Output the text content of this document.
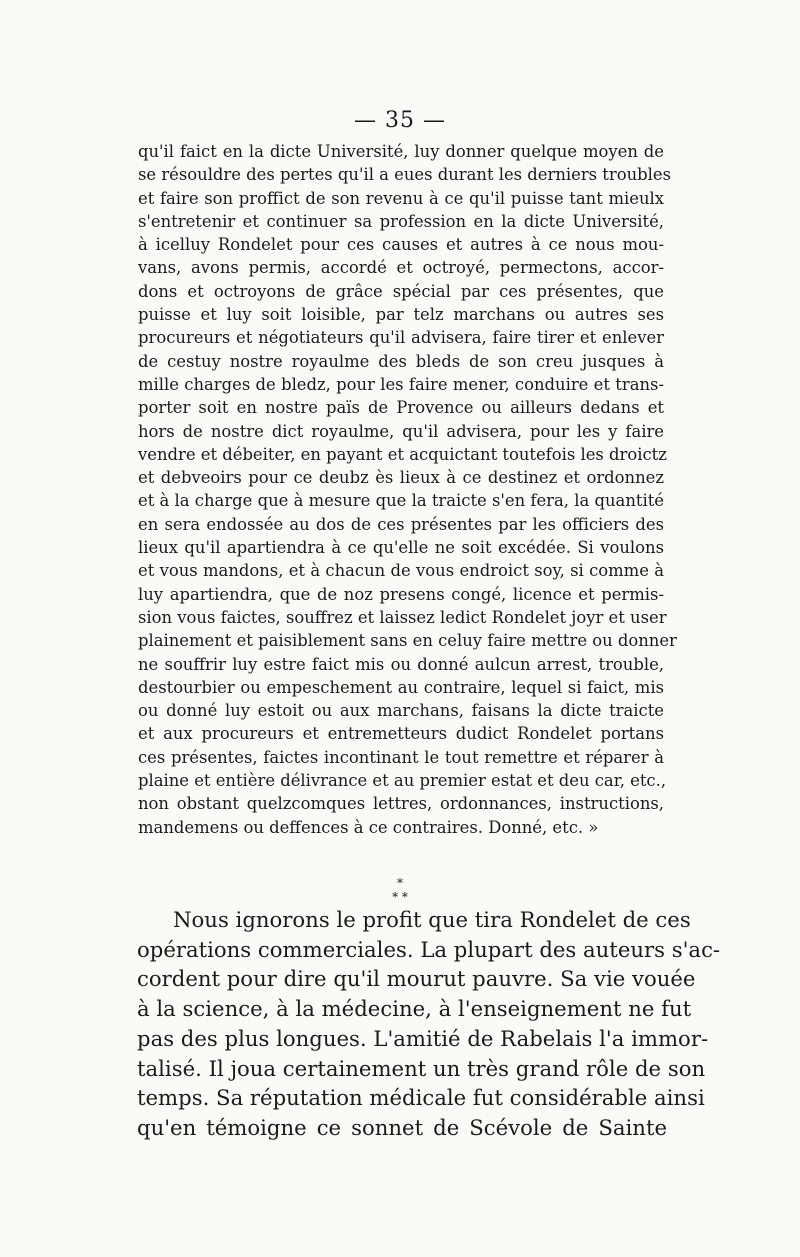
— 35 —
qu'il faict en la dicte Université, luy donner quelque moyen de
se résouldre des pertes qu'il a eues durant les derniers troubles
et faire son proffict de son revenu à ce qu'il puisse tant mieulx
s'entretenir et continuer sa profession en la dicte Université,
à icelluy Rondelet pour ces causes et autres à ce nous mou-
vans, avons permis, accordé et octroyé, permectons, accor-
dons et octroyons de grâce spécial par ces présentes, que
puisse et luy soit loisible, par telz marchans ou autres ses
procureurs et négotiateurs qu'il advisera, faire tirer et enlever
de cestuy nostre royaulme des bleds de son creu jusques à
mille charges de bledz, pour les faire mener, conduire et trans-
porter soit en nostre païs de Provence ou ailleurs dedans et
hors de nostre dict royaulme, qu'il advisera, pour les y faire
vendre et débeiter, en payant et acquictant toutefois les droictz
et debveoirs pour ce deubz ès lieux à ce destinez et ordonnez
et à la charge que à mesure que la traicte s'en fera, la quantité
en sera endossée au dos de ces présentes par les officiers des
lieux qu'il apartiendra à ce qu'elle ne soit excédée. Si voulons
et vous mandons, et à chacun de vous endroict soy, si comme à
luy apartiendra, que de noz presens congé, licence et permis-
sion vous faictes, souffrez et laissez ledict Rondelet joyr et user
plainement et paisiblement sans en celuy faire mettre ou donner
ne souffrir luy estre faict mis ou donné aulcun arrest, trouble,
destourbier ou empeschement au contraire, lequel si faict, mis
ou donné luy estoit ou aux marchans, faisans la dicte traicte
et aux procureurs et entremetteurs dudict Rondelet portans
ces présentes, faictes incontinant le tout remettre et réparer à
plaine et entière délivrance et au premier estat et deu car, etc.,
non obstant quelzcomques lettres, ordonnances, instructions,
mandemens ou deffences à ce contraires. Donné, etc. »
*
* *
Nous ignorons le profit que tira Rondelet de ces
opérations commerciales. La plupart des auteurs s'ac-
cordent pour dire qu'il mourut pauvre. Sa vie vouée
à la science, à la médecine, à l'enseignement ne fut
pas des plus longues. L'amitié de Rabelais l'a immor-
talisé. Il joua certainement un très grand rôle de son
temps. Sa réputation médicale fut considérable ainsi
qu'en témoigne ce sonnet de Scévole de Sainte
